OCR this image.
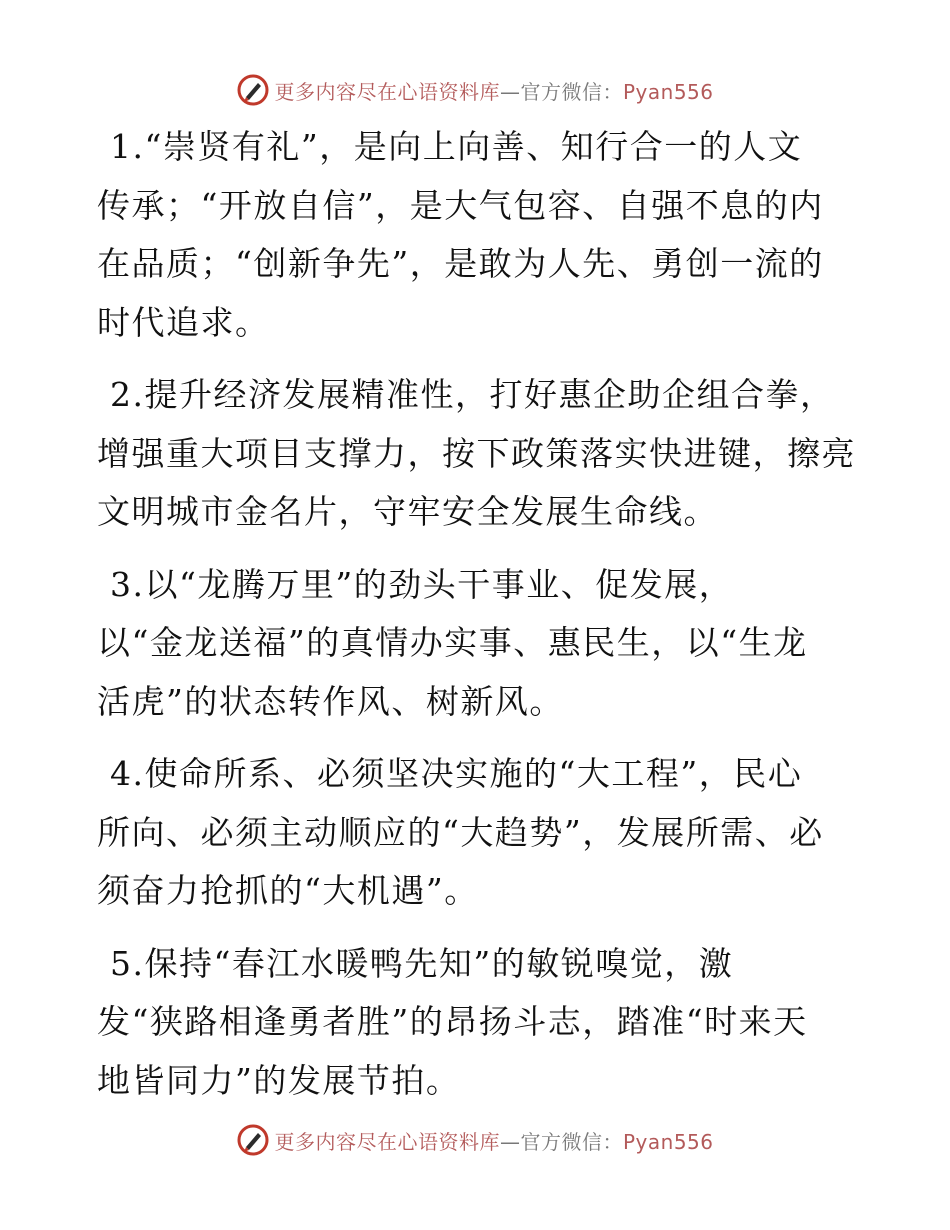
更多内容尽在心语资料库—官方微信：Pyan556

1.“崇贤有礼”，是向上向善、知行合一的人文
传承；“开放自信”，是大气包容、自强不息的内
在品质；“创新争先”，是敢为人先、勇创一流的
时代追求。

2.提升经济发展精准性，打好惠企助企组合拳，
增强重大项目支撑力，按下政策落实快进键，擦亮
文明城市金名片，守牢安全发展生命线。

3.以“龙腾万里”的劲头干事业、促发展，
以“金龙送福”的真情办实事、惠民生，以“生龙
活虎”的状态转作风、树新风。

4.使命所系、必须坚决实施的“大工程”，民心
所向、必须主动顺应的“大趋势”，发展所需、必
须奋力抢抓的“大机遇”。

5.保持“春江水暖鸭先知”的敏锐嗅觉，激
发“狭路相逢勇者胜”的昂扬斗志，踏准“时来天
地皆同力”的发展节拍。

更多内容尽在心语资料库—官方微信：Pyan556
